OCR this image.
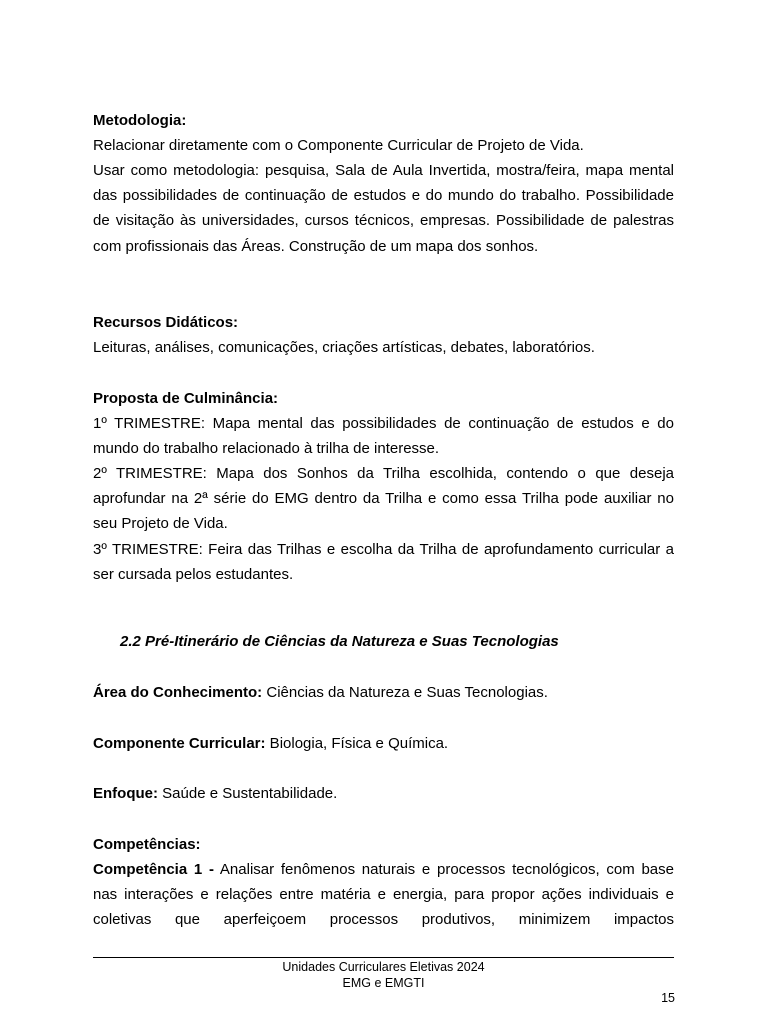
Metodologia:

Relacionar diretamente com o Componente Curricular de Projeto de Vida.

Usar como metodologia: pesquisa, Sala de Aula Invertida, mostra/feira, mapa mental das possibilidades de continuação de estudos e do mundo do trabalho. Possibilidade de visitação às universidades, cursos técnicos, empresas. Possibilidade de palestras com profissionais das Áreas. Construção de um mapa dos sonhos.

Recursos Didáticos:

Leituras, análises, comunicações, criações artísticas, debates, laboratórios.

Proposta de Culminância:

1º TRIMESTRE: Mapa mental das possibilidades de continuação de estudos e do mundo do trabalho relacionado à trilha de interesse.

2º TRIMESTRE: Mapa dos Sonhos da Trilha escolhida, contendo o que deseja aprofundar na 2ª série do EMG dentro da Trilha e como essa Trilha pode auxiliar no seu Projeto de Vida.

3º TRIMESTRE: Feira das Trilhas e escolha da Trilha de aprofundamento curricular a ser cursada pelos estudantes.

Área do Conhecimento: Ciências da Natureza e Suas Tecnologias.

Componente Curricular: Biologia, Física e Química.

Enfoque: Saúde e Sustentabilidade.

Competências:

Competência 1 - Analisar fenômenos naturais e processos tecnológicos, com base nas interações e relações entre matéria e energia, para propor ações individuais e coletivas que aperfeiçoem processos produtivos, minimizem impactos

2.2 Pré-Itinerário de Ciências da Natureza e Suas Tecnologias
Unidades Curriculares Eletivas 2024
EMG e EMGTI
15
